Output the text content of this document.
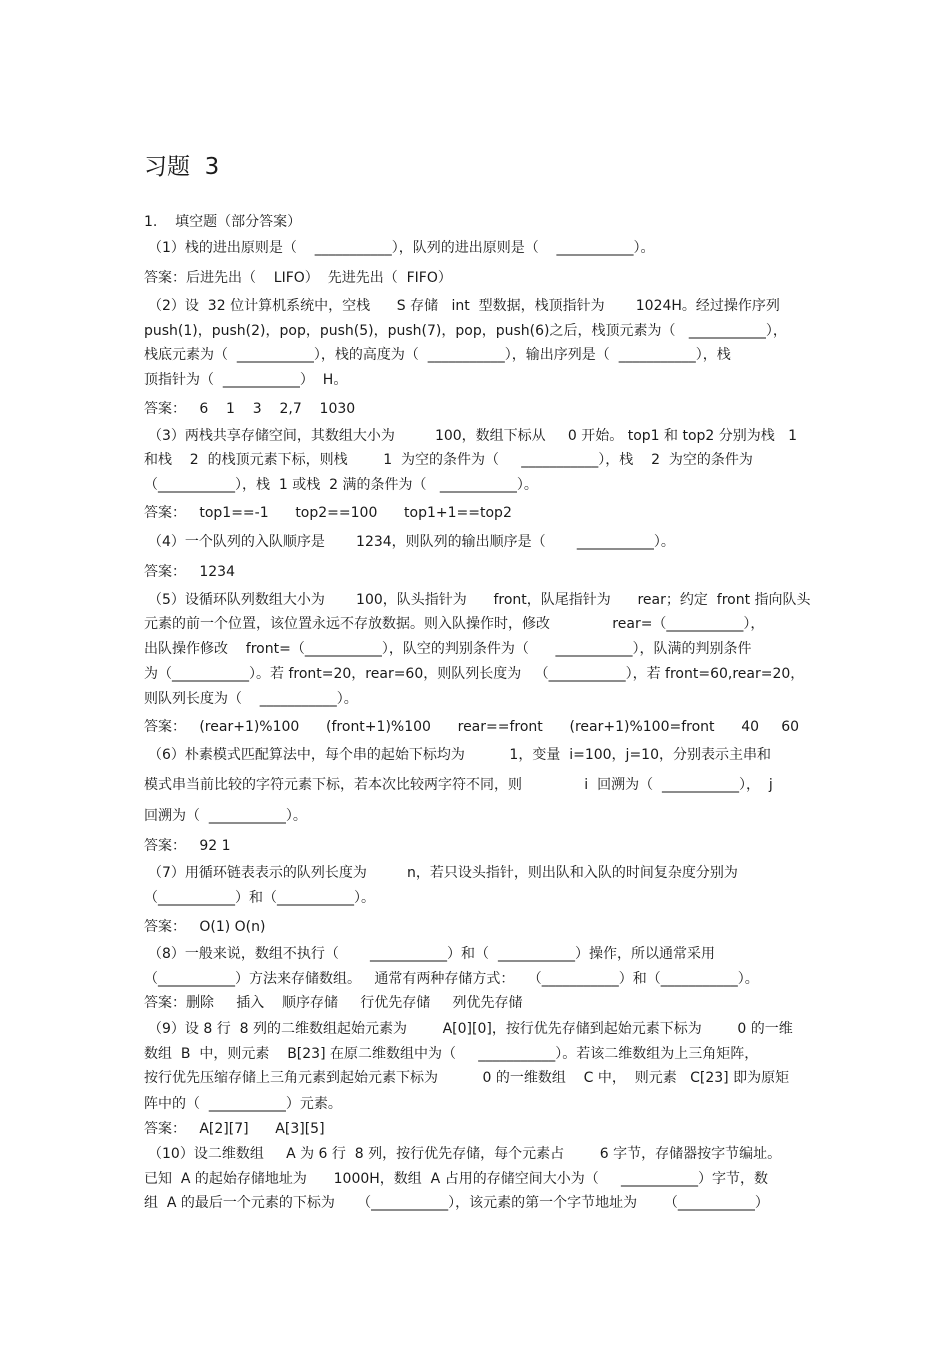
习题  3

1.    填空题（部分答案）

（1）栈的进出原则是（    ___________），队列的进出原则是（    ___________）。

答案：后进先出（    LIFO）  先进先出（  FIFO）

（2）设  32 位计算机系统中，空栈      S 存储   int  型数据，栈顶指针为       1024H。经过操作序列

push(1)，push(2)，pop，push(5)，push(7)，pop，push(6)之后，栈顶元素为（   ___________），

栈底元素为（  ___________），栈的高度为（  ___________），输出序列是（  ___________），栈

顶指针为（  ___________）  H。

答案：   6    1    3    2,7    1030

（3）两栈共享存储空间，其数组大小为         100，数组下标从     0 开始。 top1 和 top2 分别为栈   1

和栈    2  的栈顶元素下标，则栈        1  为空的条件为（     ___________），栈    2  为空的条件为

（___________），栈  1 或栈  2 满的条件为（   ___________）。

答案：   top1==-1      top2==100      top1+1==top2

（4）一个队列的入队顺序是       1234，则队列的输出顺序是（       ___________）。

答案：   1234

（5）设循环队列数组大小为       100，队头指针为      front，队尾指针为      rear；约定  front 指向队头

元素的前一个位置，该位置永远不存放数据。则入队操作时，修改              rear=（___________），

出队操作修改    front=（___________），队空的判别条件为（      ___________），队满的判别条件

为（___________）。若 front=20，rear=60，则队列长度为   （___________），若 front=60,rear=20，

则队列长度为（    ___________）。

答案：   (rear+1)%100      (front+1)%100      rear==front      (rear+1)%100=front      40     60

（6）朴素模式匹配算法中，每个串的起始下标均为          1，变量  i=100，j=10，分别表示主串和

模式串当前比较的字符元素下标，若本次比较两字符不同，则              i  回溯为（  ___________），  j

回溯为（  ___________）。

答案：   92 1

（7）用循环链表表示的队列长度为         n，若只设头指针，则出队和入队的时间复杂度分别为

（___________）和（___________）。

答案：   O(1) O(n)

（8）一般来说，数组不执行（       ___________）和（  ___________）操作，所以通常采用

（___________）方法来存储数组。   通常有两种存储方式：   （___________）和（___________）。

答案：删除     插入    顺序存储     行优先存储     列优先存储

（9）设 8 行  8 列的二维数组起始元素为        A[0][0]，按行优先存储到起始元素下标为        0 的一维

数组  B  中，则元素    B[23] 在原二维数组中为（     ___________）。若该二维数组为上三角矩阵，

按行优先压缩存储上三角元素到起始元素下标为          0 的一维数组    C 中，  则元素   C[23] 即为原矩

阵中的（  ___________）元素。

答案：   A[2][7]      A[3][5]

（10）设二维数组     A 为 6 行  8 列，按行优先存储，每个元素占        6 字节，存储器按字节编址。

已知  A 的起始存储地址为      1000H，数组  A 占用的存储空间大小为（     ___________）字节，数

组  A 的最后一个元素的下标为     （___________），该元素的第一个字节地址为      （___________）
